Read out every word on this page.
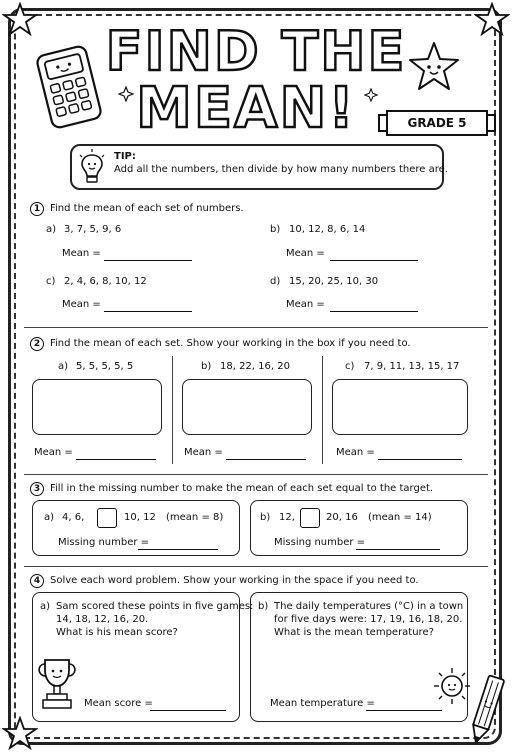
FIND THE
MEAN!	GRADE 5
TIP:
Add all the numbers, then divide by how many numbers there are.
1 Find the mean of each set of numbers.
a) 3, 7, 5, 9, 6
Mean =
b) 10, 12, 8, 6, 14
Mean =
c) 2, 4, 6, 8, 10, 12
Mean =
d) 15, 20, 25, 10, 30
Mean =
2 Find the mean of each set. Show your working in the box if you need to.
a) 5, 5, 5, 5, 5
Mean =
b) 18, 22, 16, 20
Mean =
c) 7, 9, 11, 13, 15, 17
Mean =
3 Fill in the missing number to make the mean of each set equal to the target.
a) 4, 6,	10, 12 (mean = 8)
Missing number =
b) 12,	20, 16 (mean = 14)
Missing number =
4 Solve each word problem. Show your working in the space if you need to.
a) Sam scored these points in five games:
14, 18, 12, 16, 20.
What is his mean score?
Mean score =
b) The daily temperatures (°C) in a town
for five days were: 17, 19, 16, 18, 20.
What is the mean temperature?
Mean temperature =
